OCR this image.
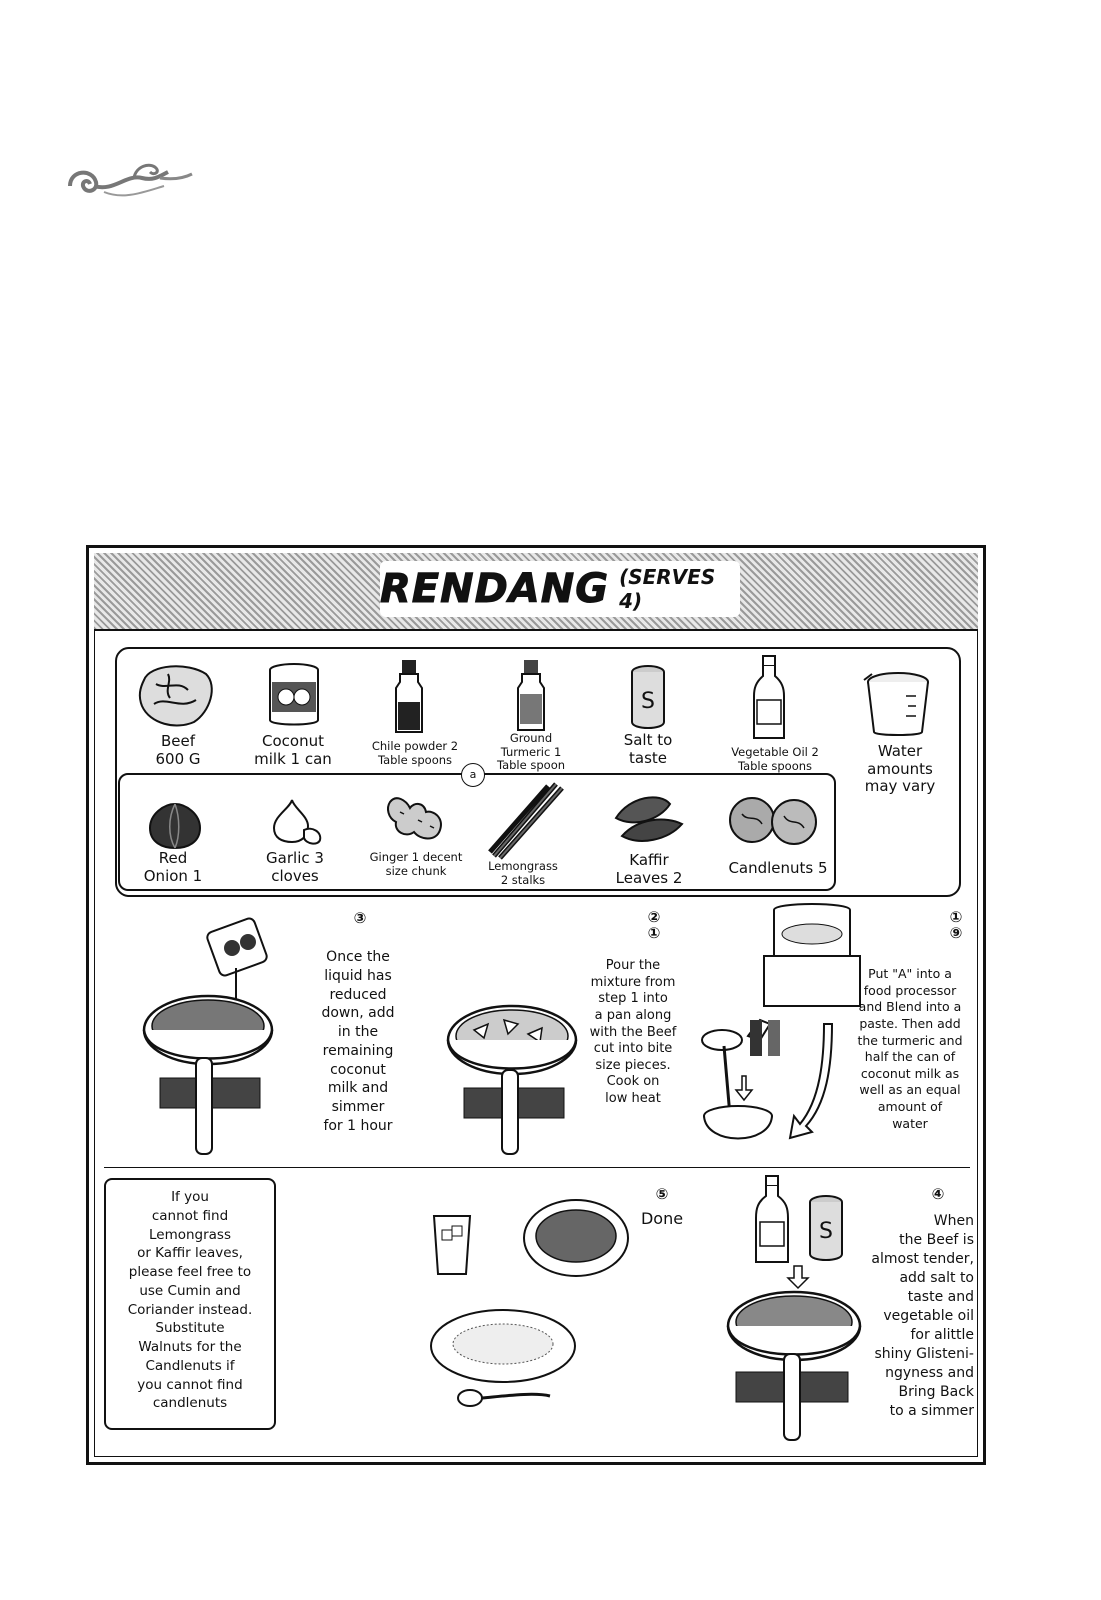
RENDANG (SERVES 4)
a
S
Beef
600 G
Coconut
milk 1 can
Chile powder 2
Table spoons
Ground
Turmeric 1
Table spoon
Salt to
taste	Vegetable Oil 2
Table spoons
Water
amounts
may vary
Red
Onion 1
Garlic 3
cloves
Ginger 1 decent
size chunk	Lemongrass
2 stalks
Kaffir
Leaves 2
Candlenuts 5
③
Once the
liquid has
reduced
down, add
in the
remaining
coconut
milk and
simmer
for 1 hour
②
①
Pour the
mixture from
step 1 into
a pan along
with the Beef
cut into bite
size pieces.
Cook on
low heat
①
⑨
Put "A" into a
food processor
and Blend into a
paste. Then add
the turmeric and
half the can of
coconut milk as
well as an equal
amount of
water
If you
cannot find
Lemongrass
or Kaffir leaves,
please feel free to
use Cumin and
Coriander instead.
Substitute
Walnuts for the
Candlenuts if
you cannot find
candlenuts
⑤
Done
S
④
When
the Beef is
almost tender,
add salt to
taste and
vegetable oil
for alittle
shiny Glisteni-
ngyness and
Bring Back
to a simmer
